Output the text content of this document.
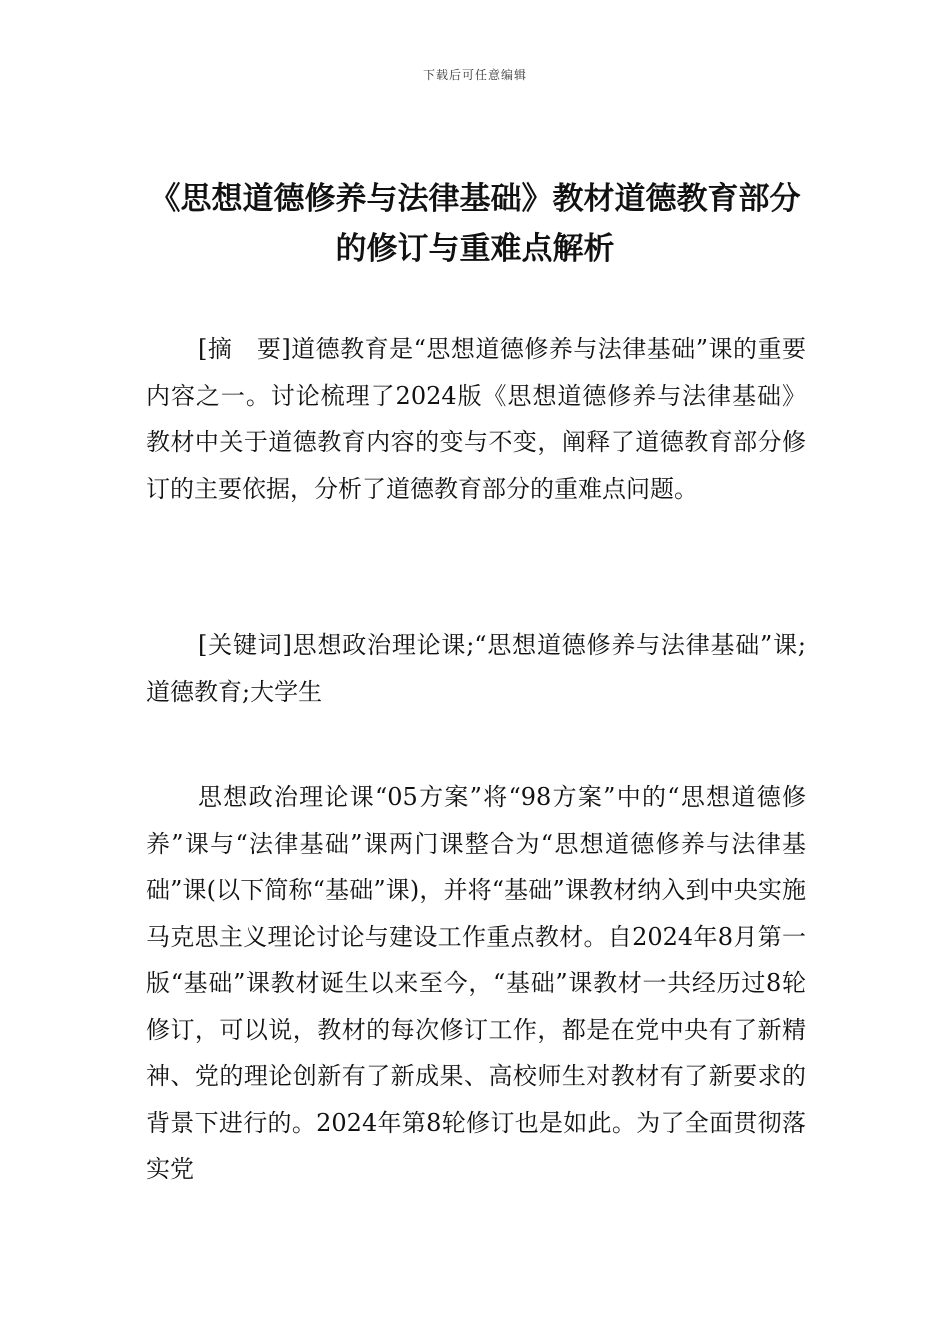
下载后可任意编辑
《思想道德修养与法律基础》教材道德教育部分的修订与重难点解析

[摘　要]道德教育是“思想道德修养与法律基础”课的重要内容之一。讨论梳理了2024版《思想道德修养与法律基础》教材中关于道德教育内容的变与不变，阐释了道德教育部分修订的主要依据，分析了道德教育部分的重难点问题。

[关键词]思想政治理论课;“思想道德修养与法律基础”课;道德教育;大学生

思想政治理论课“05方案”将“98方案”中的“思想道德修养”课与“法律基础”课两门课整合为“思想道德修养与法律基础”课(以下简称“基础”课)，并将“基础”课教材纳入到中央实施马克思主义理论讨论与建设工作重点教材。自2024年8月第一版“基础”课教材诞生以来至今，“基础”课教材一共经历过8轮修订，可以说，教材的每次修订工作，都是在党中央有了新精神、党的理论创新有了新成果、高校师生对教材有了新要求的背景下进行的。2024年第8轮修订也是如此。为了全面贯彻落实党
